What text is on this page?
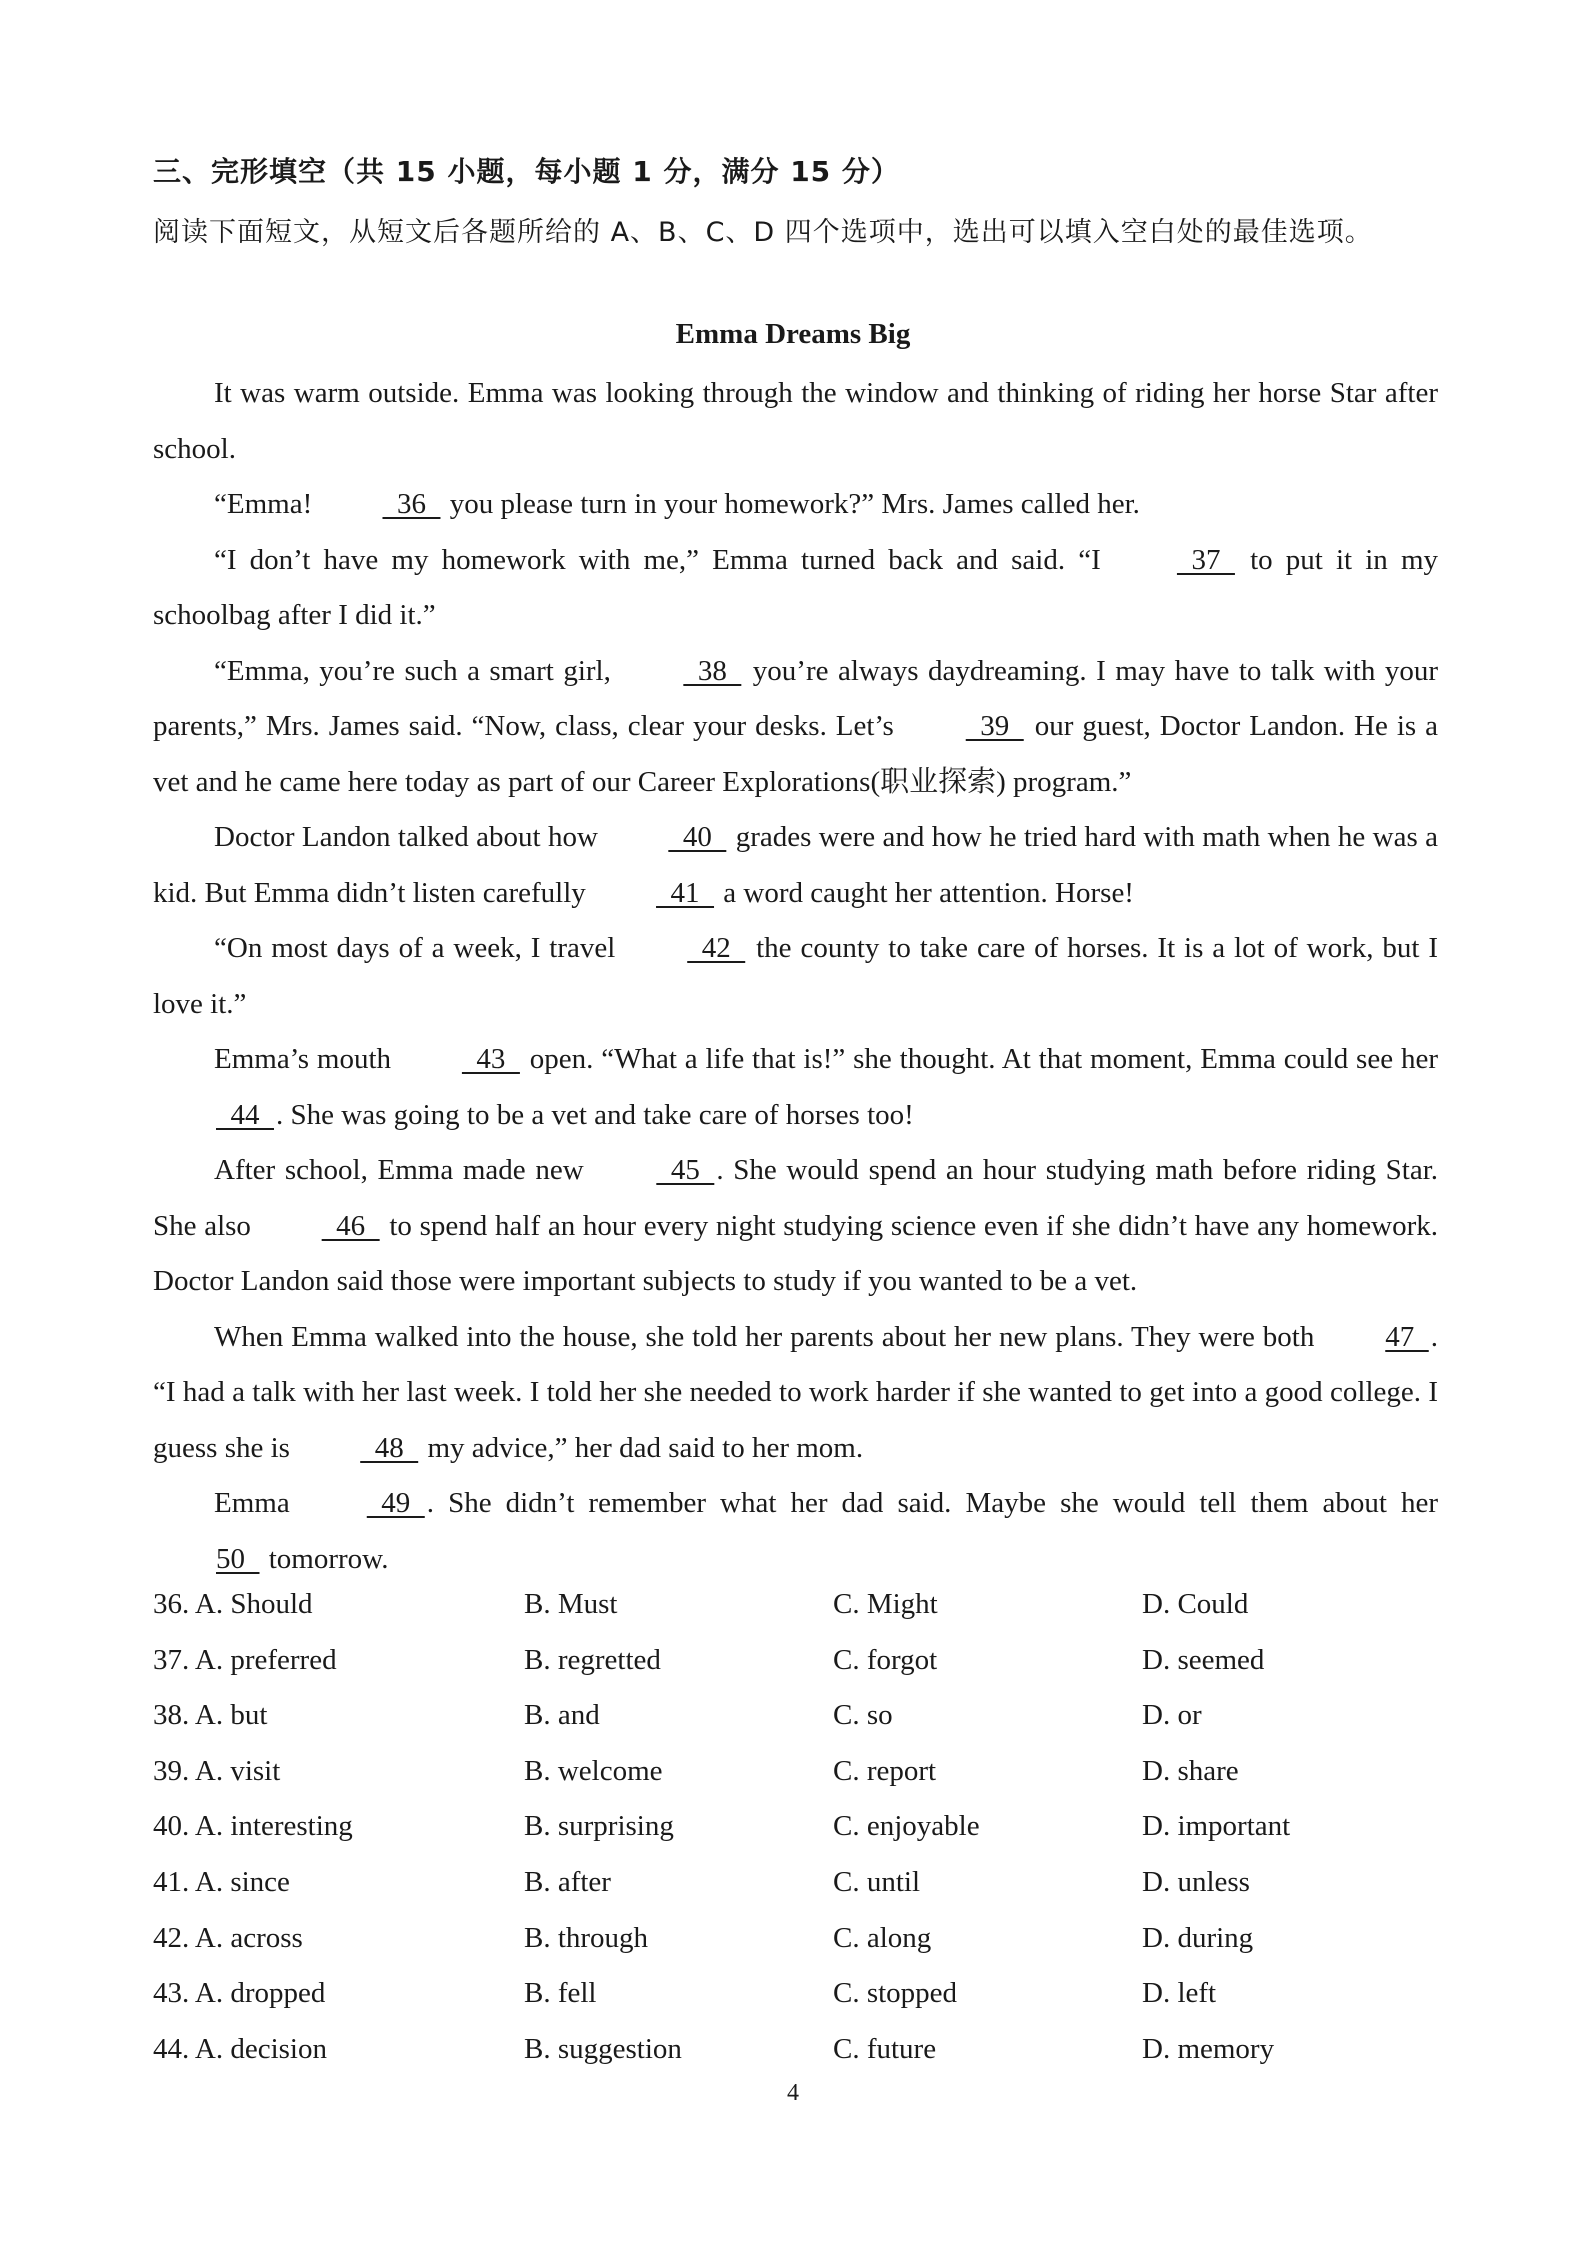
三、完形填空（共 15 小题，每小题 1 分，满分 15 分）
阅读下面短文，从短文后各题所给的 A、B、C、D 四个选项中，选出可以填入空白处的最佳选项。
Emma Dreams Big

It was warm outside. Emma was looking through the window and thinking of riding her horse Star after school.

“Emma!   36   you please turn in your homework?” Mrs. James called her.

“I don’t have my homework with me,” Emma turned back and said. “I   37   to put it in my schoolbag after I did it.”

“Emma, you’re such a smart girl,   38   you’re always daydreaming. I may have to talk with your parents,” Mrs. James said. “Now, class, clear your desks. Let’s   39   our guest, Doctor Landon. He is a vet and he came here today as part of our Career Explorations(职业探索) program.”

Doctor Landon talked about how   40   grades were and how he tried hard with math when he was a kid. But Emma didn’t listen carefully   41   a word caught her attention. Horse!

“On most days of a week, I travel   42   the county to take care of horses. It is a lot of work, but I love it.”

Emma’s mouth   43   open. “What a life that is!” she thought. At that moment, Emma could see her   44  . She was going to be a vet and take care of horses too!

After school, Emma made new   45  . She would spend an hour studying math before riding Star. She also   46   to spend half an hour every night studying science even if she didn’t have any homework. Doctor Landon said those were important subjects to study if you wanted to be a vet.

When Emma walked into the house, she told her parents about her new plans. They were both 47  . “I had a talk with her last week. I told her she needed to work harder if she wanted to get into a good college. I guess she is   48   my advice,” her dad said to her mom.

Emma   49  . She didn’t remember what her dad said. Maybe she would tell them about her 50   tomorrow.

36. A. Should	B. Must	C. Might	D. Could
37. A. preferred	B. regretted	C. forgot	D. seemed
38. A. but	B. and	C. so	D. or
39. A. visit	B. welcome	C. report	D. share
40. A. interesting	B. surprising	C. enjoyable	D. important
41. A. since	B. after	C. until	D. unless
42. A. across	B. through	C. along	D. during
43. A. dropped	B. fell	C. stopped	D. left
44. A. decision	B. suggestion	C. future	D. memory
4
